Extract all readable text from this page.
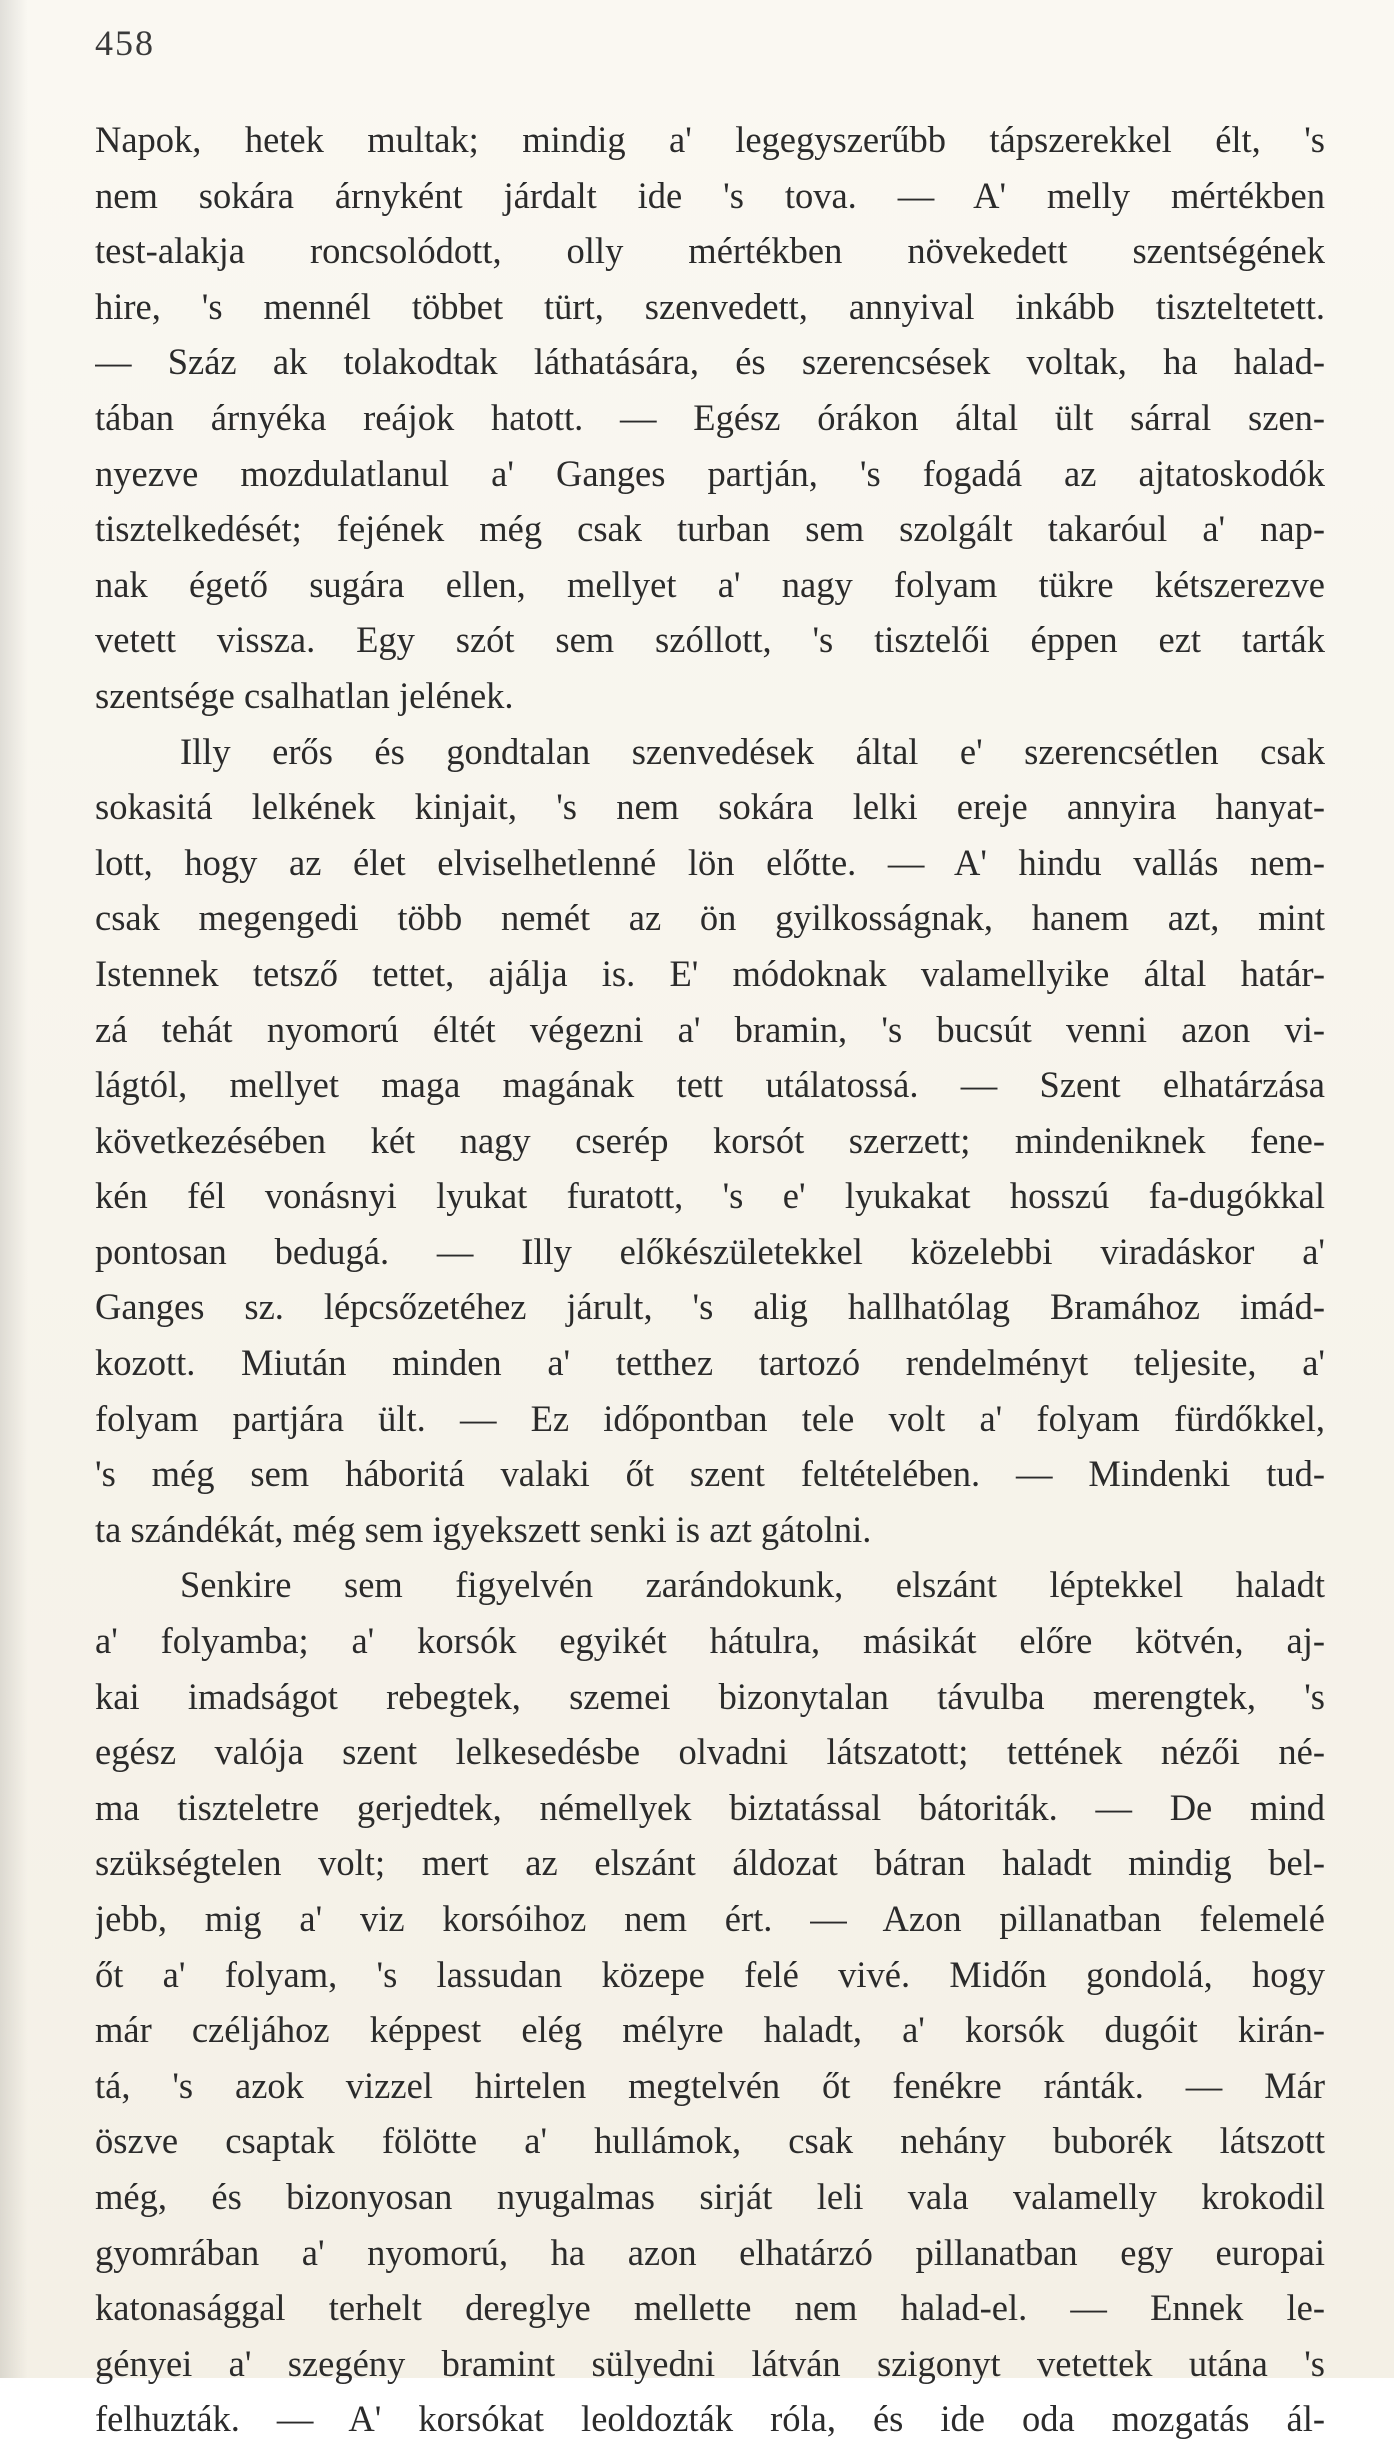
458
Napok, hetek multak; mindig a' legegyszerűbb tápszerekkel élt, 's
nem sokára árnyként járdalt ide 's tova. — A' melly mértékben
test-alakja roncsolódott, olly mértékben növekedett szentségének
hire, 's mennél többet türt, szenvedett, annyival inkább tiszteltetett.
— Száz ak tolakodtak láthatására, és szerencsések voltak, ha halad-
tában árnyéka reájok hatott. — Egész órákon által ült sárral szen-
nyezve mozdulatlanul a' Ganges partján, 's fogadá az ajtatoskodók
tisztelkedését; fejének még csak turban sem szolgált takaróul a' nap-
nak égető sugára ellen, mellyet a' nagy folyam tükre kétszerezve
vetett vissza. Egy szót sem szóllott, 's tisztelői éppen ezt tarták
szentsége csalhatlan jelének.
Illy erős és gondtalan szenvedések által e' szerencsétlen csak
sokasitá lelkének kinjait, 's nem sokára lelki ereje annyira hanyat-
lott, hogy az élet elviselhetlenné lön előtte. — A' hindu vallás nem-
csak megengedi több nemét az ön gyilkosságnak, hanem azt, mint
Istennek tetsző tettet, ajálja is. E' módoknak valamellyike által határ-
zá tehát nyomorú éltét végezni a' bramin, 's bucsút venni azon vi-
lágtól, mellyet maga magának tett utálatossá. — Szent elhatárzása
következésében két nagy cserép korsót szerzett; mindeniknek fene-
kén fél vonásnyi lyukat furatott, 's e' lyukakat hosszú fa-dugókkal
pontosan bedugá. — Illy előkészületekkel közelebbi viradáskor a'
Ganges sz. lépcsőzetéhez járult, 's alig hallhatólag Bramához imád-
kozott. Miután minden a' tetthez tartozó rendelményt teljesite, a'
folyam partjára ült. — Ez időpontban tele volt a' folyam fürdőkkel,
's még sem háboritá valaki őt szent feltételében. — Mindenki tud-
ta szándékát, még sem igyekszett senki is azt gátolni.
Senkire sem figyelvén zarándokunk, elszánt léptekkel haladt
a' folyamba; a' korsók egyikét hátulra, másikát előre kötvén, aj-
kai imadságot rebegtek, szemei bizonytalan távulba merengtek, 's
egész valója szent lelkesedésbe olvadni látszatott; tettének nézői né-
ma tiszteletre gerjedtek, némellyek biztatással bátoriták. — De mind
szükségtelen volt; mert az elszánt áldozat bátran haladt mindig bel-
jebb, mig a' viz korsóihoz nem ért. — Azon pillanatban felemelé
őt a' folyam, 's lassudan közepe felé vivé. Midőn gondolá, hogy
már czéljához képpest elég mélyre haladt, a' korsók dugóit kirán-
tá, 's azok vizzel hirtelen megtelvén őt fenékre ránták. — Már
öszve csaptak fölötte a' hullámok, csak nehány buborék látszott
még, és bizonyosan nyugalmas sirját leli vala valamelly krokodil
gyomrában a' nyomorú, ha azon elhatárzó pillanatban egy europai
katonasággal terhelt dereglye mellette nem halad-el. — Ennek le-
gényei a' szegény bramint sülyedni látván szigonyt vetettek utána 's
felhuzták. — A' korsókat leoldozták róla, és ide oda mozgatás ál-
